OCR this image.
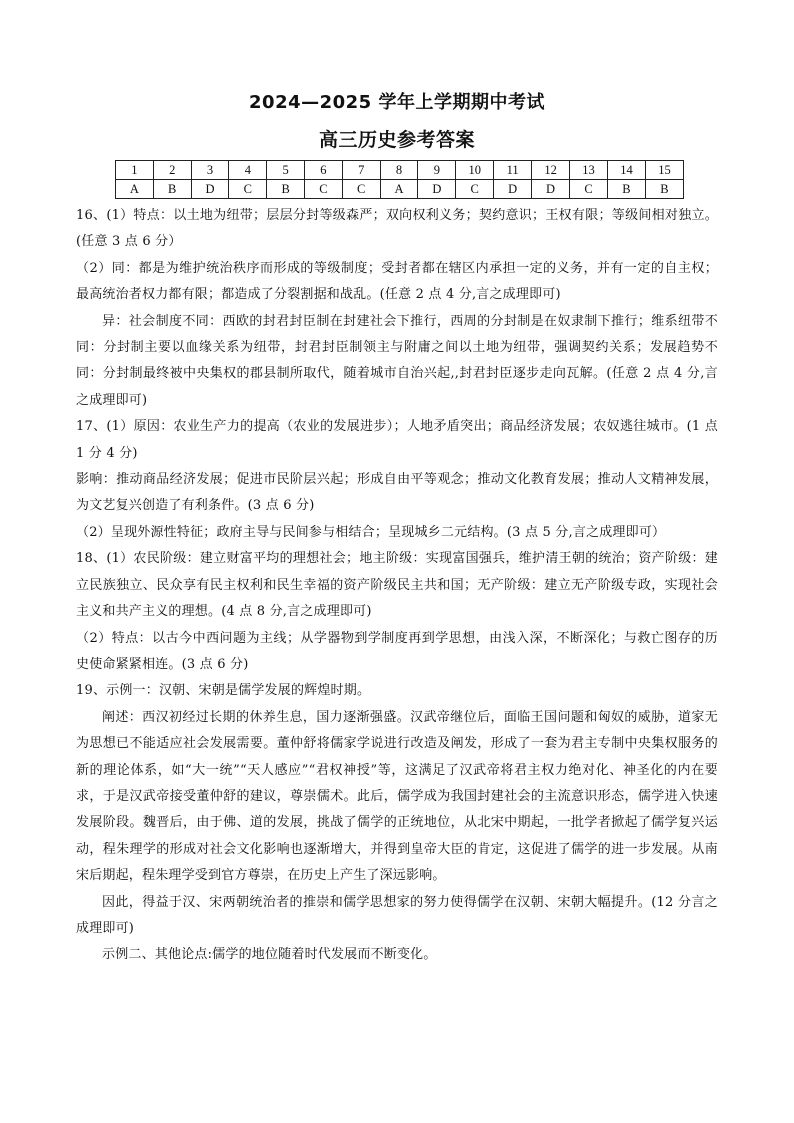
2024—2025 学年上学期期中考试
高三历史参考答案
1	2	3	4	5	6	7	8	9	10	11	12	13	14	15
A	B	D	C	B	C	C	A	D	C	D	D	C	B	B

16、(1）特点：以土地为纽带；层层分封等级森严；双向权利义务；契约意识；王权有限；等级间相对独立。(任意 3 点 6 分）

（2）同：都是为维护统治秩序而形成的等级制度；受封者都在辖区内承担一定的义务，并有一定的自主权；最高统治者权力都有限；都造成了分裂割据和战乱。(任意 2 点 4 分,言之成理即可)

异：社会制度不同：西欧的封君封臣制在封建社会下推行，西周的分封制是在奴隶制下推行；维系纽带不同：分封制主要以血缘关系为纽带，封君封臣制领主与附庸之间以土地为纽带，强调契约关系；发展趋势不同：分封制最终被中央集权的郡县制所取代，随着城市自治兴起,,封君封臣逐步走向瓦解。(任意 2 点 4 分,言之成理即可)

17、(1）原因：农业生产力的提高（农业的发展进步）；人地矛盾突出；商品经济发展；农奴逃往城市。(1 点 1 分 4 分)

影响：推动商品经济发展；促进市民阶层兴起；形成自由平等观念；推动文化教育发展；推动人文精神发展，为文艺复兴创造了有利条件。(3 点 6 分)

（2）呈现外源性特征；政府主导与民间参与相结合；呈现城乡二元结构。(3 点 5 分,言之成理即可）

18、(1）农民阶级：建立财富平均的理想社会；地主阶级：实现富国强兵，维护清王朝的统治；资产阶级：建立民族独立、民众享有民主权利和民生幸福的资产阶级民主共和国；无产阶级：建立无产阶级专政，实现社会主义和共产主义的理想。(4 点 8 分,言之成理即可)

（2）特点：以古今中西问题为主线；从学器物到学制度再到学思想，由浅入深，不断深化；与救亡图存的历史使命紧紧相连。(3 点 6 分)

19、示例一：汉朝、宋朝是儒学发展的辉煌时期。

阐述：西汉初经过长期的休养生息，国力逐渐强盛。汉武帝继位后，面临王国问题和匈奴的威胁，道家无为思想已不能适应社会发展需要。董仲舒将儒家学说进行改造及阐发，形成了一套为君主专制中央集权服务的新的理论体系，如“大一统”“天人感应”“君权神授”等，这满足了汉武帝将君主权力绝对化、神圣化的内在要求，于是汉武帝接受董仲舒的建议，尊崇儒术。此后，儒学成为我国封建社会的主流意识形态，儒学进入快速发展阶段。魏晋后，由于佛、道的发展，挑战了儒学的正统地位，从北宋中期起，一批学者掀起了儒学复兴运动，程朱理学的形成对社会文化影响也逐渐增大，并得到皇帝大臣的肯定，这促进了儒学的进一步发展。从南宋后期起，程朱理学受到官方尊崇，在历史上产生了深远影响。

因此，得益于汉、宋两朝统治者的推崇和儒学思想家的努力使得儒学在汉朝、宋朝大幅提升。(12 分言之成理即可)

示例二、其他论点:儒学的地位随着时代发展而不断变化。
